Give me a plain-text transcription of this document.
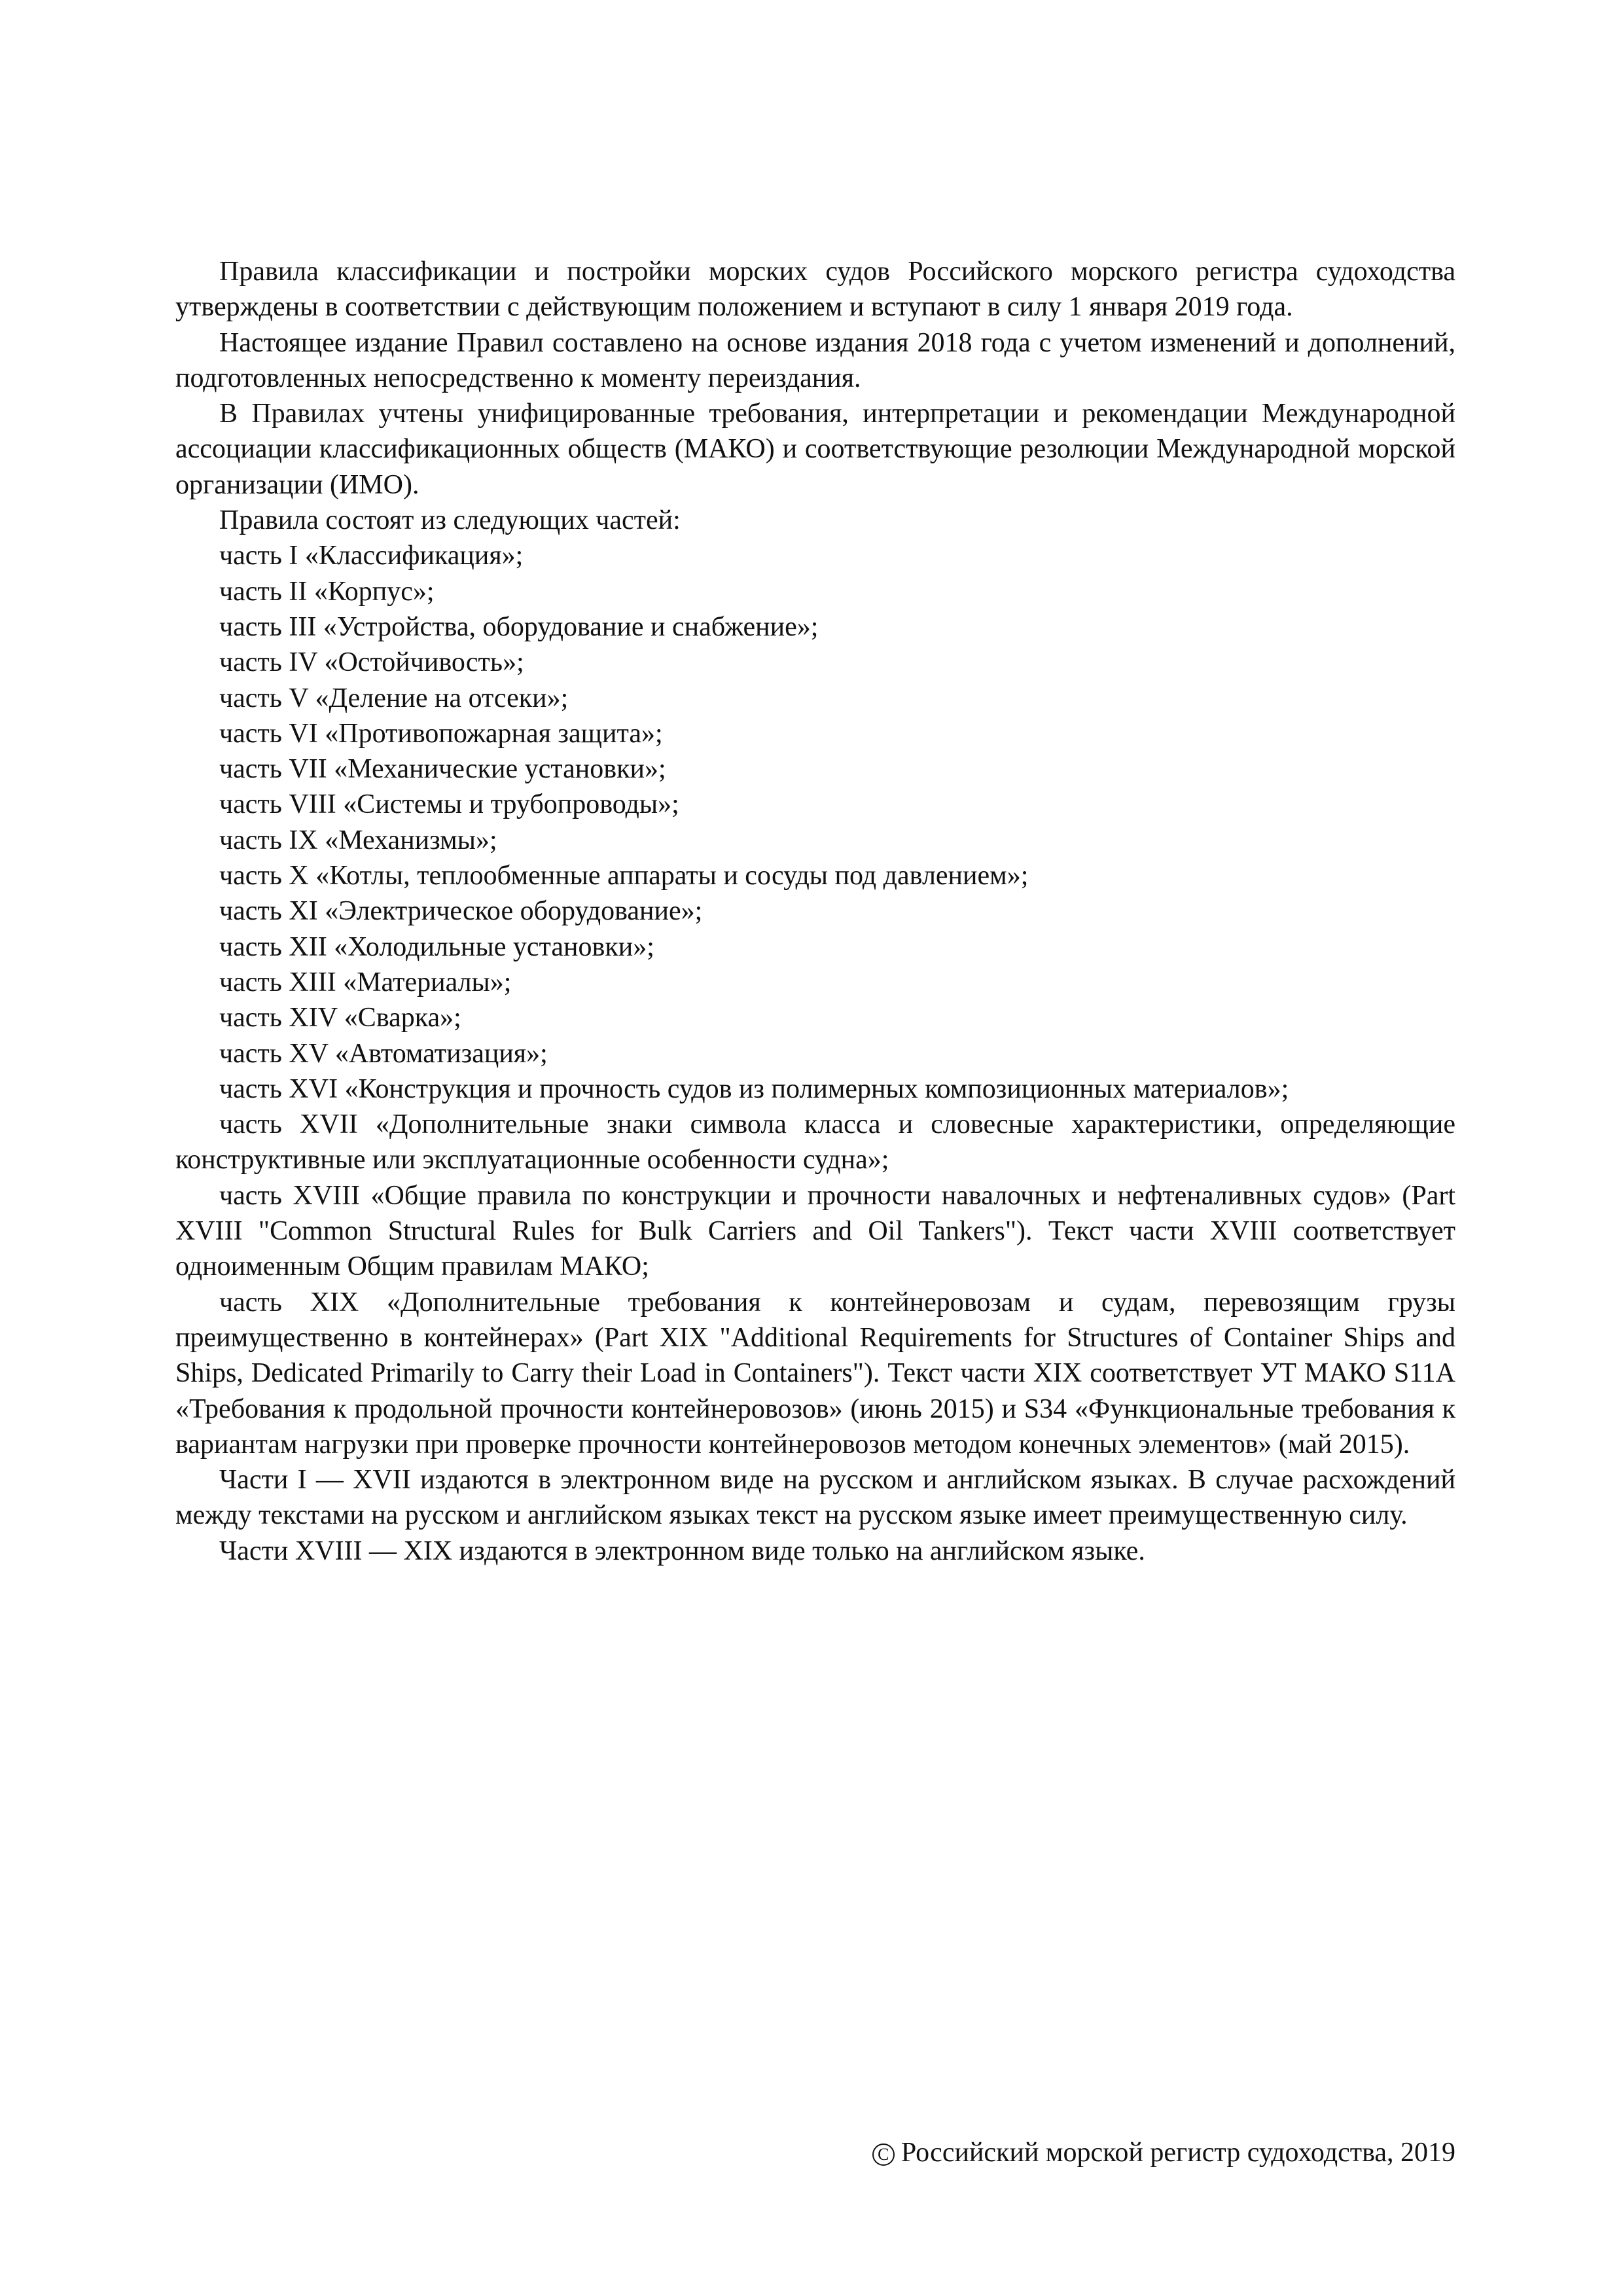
Правила классификации и постройки морских судов Российского морского регистра судоходства утверждены в соответствии с действующим положением и вступают в силу 1 января 2019 года.

Настоящее издание Правил составлено на основе издания 2018 года с учетом изменений и дополнений, подготовленных непосредственно к моменту переиздания.

В Правилах учтены унифицированные требования, интерпретации и рекомендации Международной ассоциации классификационных обществ (МАКО) и соответствующие резолюции Международной морской организации (ИМО).

Правила состоят из следующих частей:

часть I «Классификация»;

часть II «Корпус»;

часть III «Устройства, оборудование и снабжение»;

часть IV «Остойчивость»;

часть V «Деление на отсеки»;

часть VI «Противопожарная защита»;

часть VII «Механические установки»;

часть VIII «Системы и трубопроводы»;

часть IX «Механизмы»;

часть X «Котлы, теплообменные аппараты и сосуды под давлением»;

часть XI «Электрическое оборудование»;

часть XII «Холодильные установки»;

часть XIII «Материалы»;

часть XIV «Сварка»;

часть XV «Автоматизация»;

часть XVI «Конструкция и прочность судов из полимерных композиционных материалов»;

часть XVII «Дополнительные знаки символа класса и словесные характеристики, определяющие конструктивные или эксплуатационные особенности судна»;

часть XVIII «Общие правила по конструкции и прочности навалочных и нефтеналивных судов» (Part XVIII "Common Structural Rules for Bulk Carriers and Oil Tankers"). Текст части XVIII соответствует одноименным Общим правилам МАКО;

часть XIX «Дополнительные требования к контейнеровозам и судам, перевозящим грузы преимущественно в контейнерах» (Part XIX "Additional Requirements for Structures of Container Ships and Ships, Dedicated Primarily to Carry their Load in Containers"). Текст части XIX соответствует УТ МАКО S11A «Требования к продольной прочности контейнеровозов» (июнь 2015) и S34 «Функциональные требования к вариантам нагрузки при проверке прочности контейнеровозов методом конечных элементов» (май 2015).

Части I — XVII издаются в электронном виде на русском и английском языках. В случае расхождений между текстами на русском и английском языках текст на русском языке имеет преимущественную силу.

Части XVIII — XIX издаются в электронном виде только на английском языке.

CРоссийский морской регистр судоходства, 2019
